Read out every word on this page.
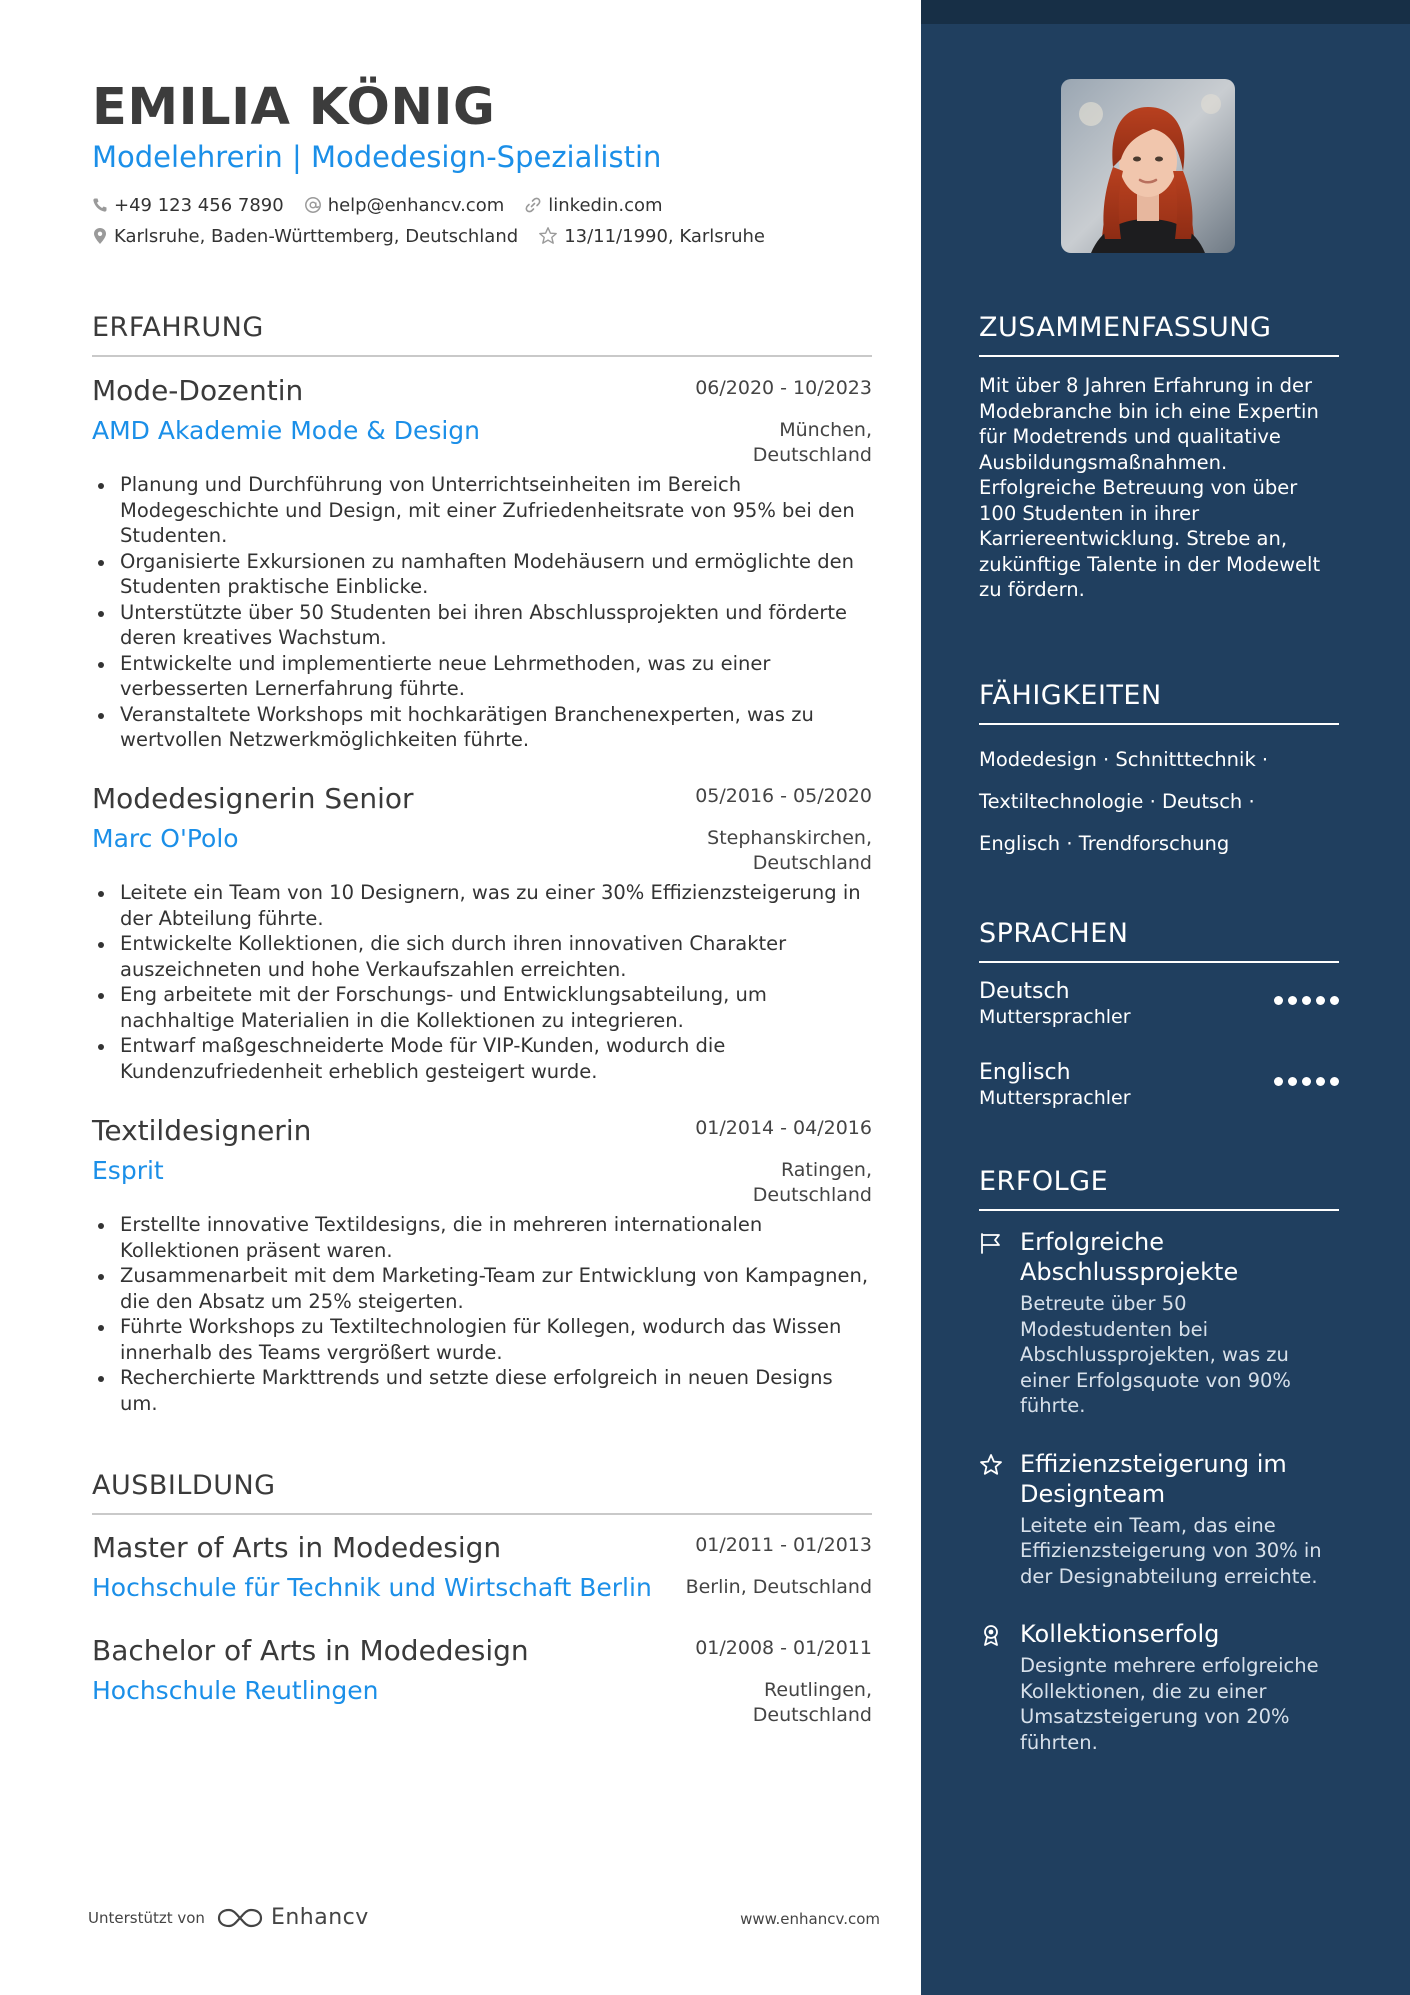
EMILIA KÖNIG
Modelehrerin | Modedesign-Spezialistin
+49 123 456 7890 help@enhancv.com linkedin.com
Karlsruhe, Baden-Württemberg, Deutschland	13/11/1990, Karlsruhe
ERFAHRUNG
Mode-Dozentin	06/2020 - 10/2023
AMD Akademie Mode & Design	München, Deutschland
Planung und Durchführung von Unterrichtseinheiten im Bereich Modegeschichte und Design, mit einer Zufriedenheitsrate von 95% bei den Studenten.
Organisierte Exkursionen zu namhaften Modehäusern und ermöglichte den Studenten praktische Einblicke.
Unterstützte über 50 Studenten bei ihren Abschlussprojekten und förderte deren kreatives Wachstum.
Entwickelte und implementierte neue Lehrmethoden, was zu einer verbesserten Lernerfahrung führte.
Veranstaltete Workshops mit hochkarätigen Branchenexperten, was zu wertvollen Netzwerkmöglichkeiten führte.
Modedesignerin Senior	05/2016 - 05/2020
Marc O'Polo	Stephanskirchen, Deutschland
Leitete ein Team von 10 Designern, was zu einer 30% Effizienzsteigerung in der Abteilung führte.
Entwickelte Kollektionen, die sich durch ihren innovativen Charakter auszeichneten und hohe Verkaufszahlen erreichten.
Eng arbeitete mit der Forschungs- und Entwicklungsabteilung, um nachhaltige Materialien in die Kollektionen zu integrieren.
Entwarf maßgeschneiderte Mode für VIP-Kunden, wodurch die Kundenzufriedenheit erheblich gesteigert wurde.
Textildesignerin	01/2014 - 04/2016
Esprit	Ratingen, Deutschland
Erstellte innovative Textildesigns, die in mehreren internationalen Kollektionen präsent waren.
Zusammenarbeit mit dem Marketing-Team zur Entwicklung von Kampagnen, die den Absatz um 25% steigerten.
Führte Workshops zu Textiltechnologien für Kollegen, wodurch das Wissen innerhalb des Teams vergrößert wurde.
Recherchierte Markttrends und setzte diese erfolgreich in neuen Designs um.
AUSBILDUNG
Master of Arts in Modedesign	01/2011 - 01/2013
Hochschule für Technik und Wirtschaft Berlin	Berlin, Deutschland
Bachelor of Arts in Modedesign	01/2008 - 01/2011
Hochschule Reutlingen	Reutlingen, Deutschland
Unterstützt von	Enhancv	www.enhancv.com
ZUSAMMENFASSUNG
Mit über 8 Jahren Erfahrung in der Modebranche bin ich eine Expertin für Modetrends und qualitative Ausbildungsmaßnahmen. Erfolgreiche Betreuung von über 100 Studenten in ihrer Karriereentwicklung. Strebe an, zukünftige Talente in der Modewelt zu fördern.
FÄHIGKEITEN
Modedesign · Schnitttechnik ·
Textiltechnologie · Deutsch ·
Englisch · Trendforschung
SPRACHEN
Deutsch
Muttersprachler
Englisch
Muttersprachler
ERFOLGE
Erfolgreiche Abschlussprojekte
Betreute über 50 Modestudenten bei Abschlussprojekten, was zu einer Erfolgsquote von 90% führte.
Effizienzsteigerung im Designteam
Leitete ein Team, das eine Effizienzsteigerung von 30% in der Designabteilung erreichte.
Kollektionserfolg
Designte mehrere erfolgreiche Kollektionen, die zu einer Umsatzsteigerung von 20% führten.
